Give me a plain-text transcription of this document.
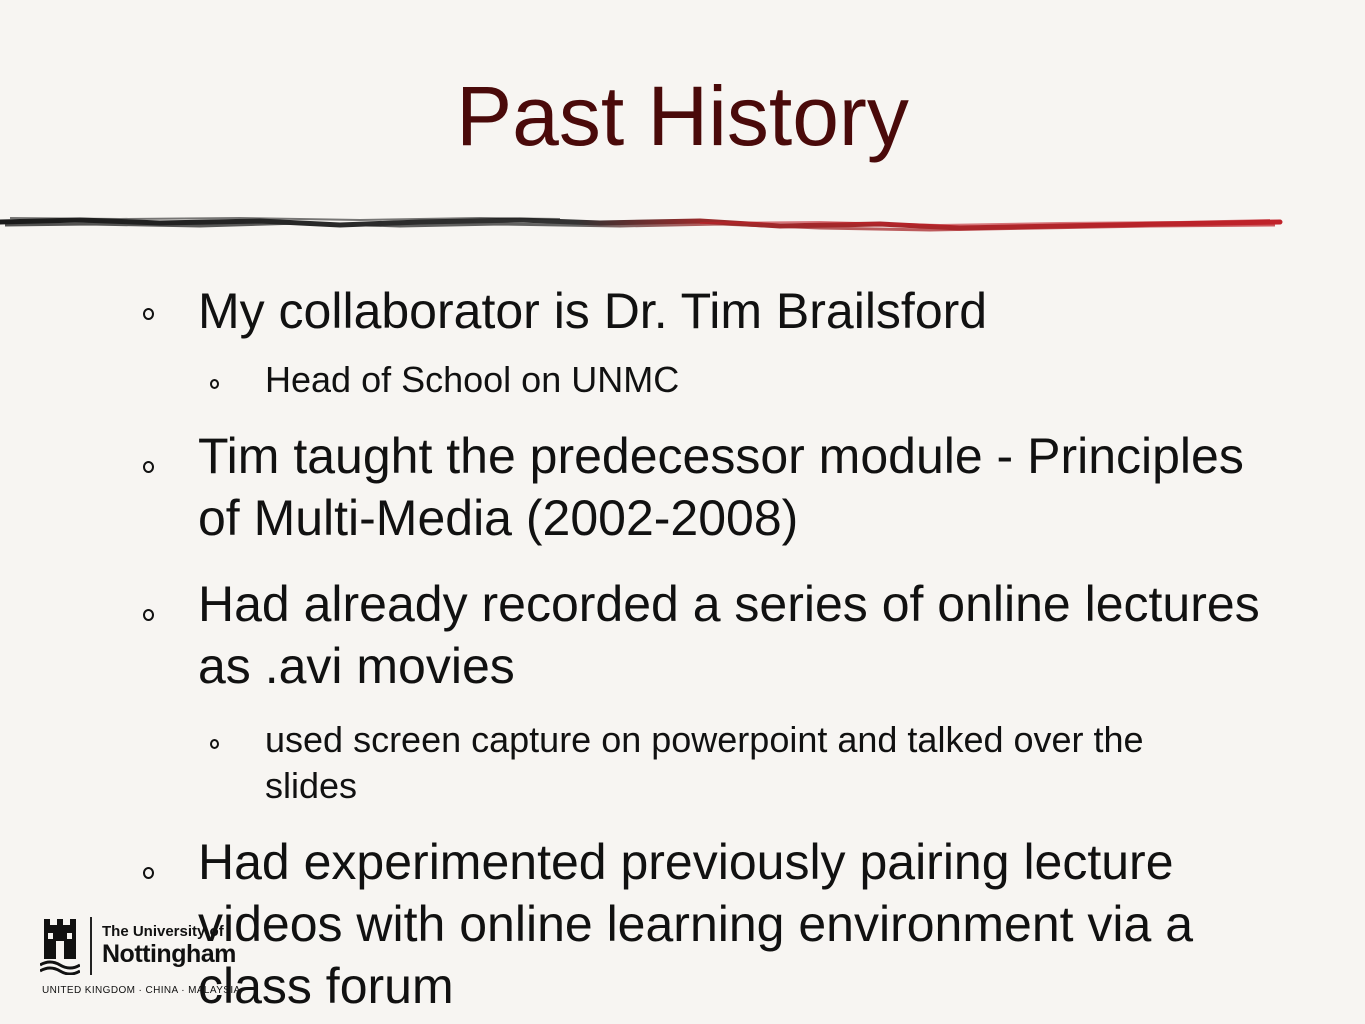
Past History
My collaborator is Dr. Tim Brailsford
Head of School on UNMC
Tim taught the predecessor module - Principles of Multi-Media (2002-2008)
Had already recorded a series of online lectures as .avi movies
used screen capture on powerpoint and talked over the slides
Had experimented previously pairing lecture videos with online learning environment via a class forum
The University of
Nottingham
UNITED KINGDOM · CHINA · MALAYSIA
